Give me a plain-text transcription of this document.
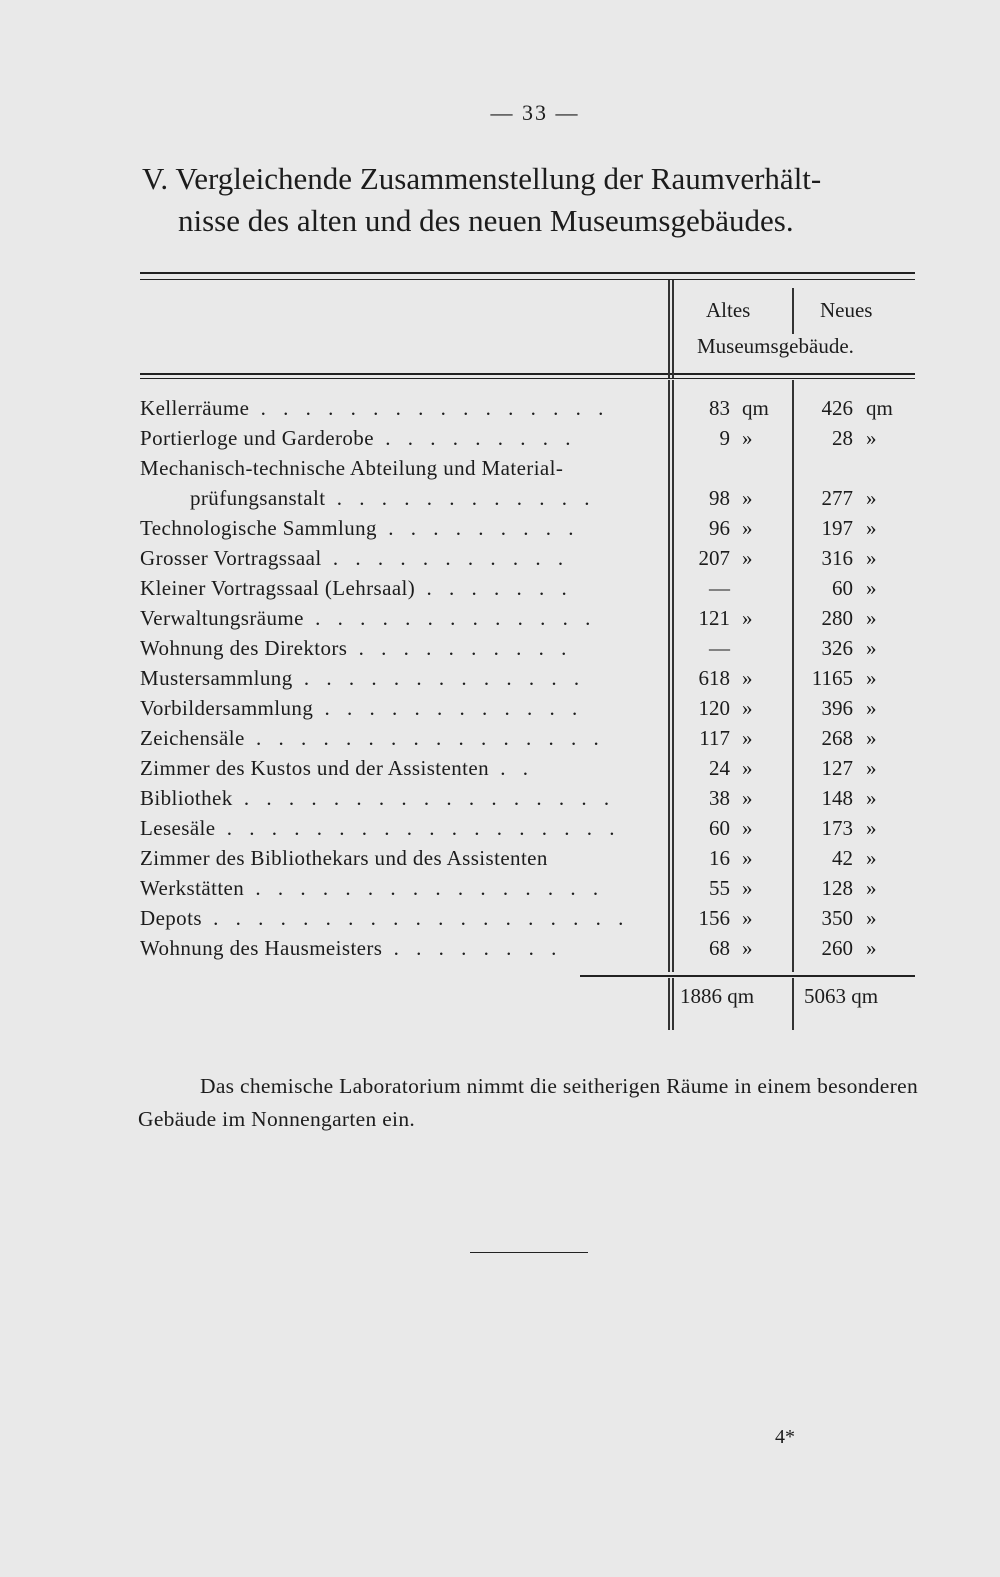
— 33 —
V. Vergleichende Zusammenstellung der Raumverhält-
nisse des alten und des neuen Museumsgebäudes.
Altes	Neues
Museumsgebäude.
Kellerräume . . . . . . . . . . . . . . . .	83 qm	426 qm
Portierloge und Garderobe . . . . . . . . .	9 »	28 »
Mechanisch-technische Abteilung und Material-
prüfungsanstalt . . . . . . . . . . . .	98 »	277 »
Technologische Sammlung . . . . . . . . .	96 »	197 »
Grosser Vortragssaal . . . . . . . . . . .	207 »	316 »
Kleiner Vortragssaal (Lehrsaal) . . . . . . .	—	60 »
Verwaltungsräume . . . . . . . . . . . . .	121 »	280 »
Wohnung des Direktors . . . . . . . . . .	—	326 »
Mustersammlung . . . . . . . . . . . . .	618 »	1165 »
Vorbildersammlung . . . . . . . . . . . .	120 »	396 »
Zeichensäle . . . . . . . . . . . . . . . .	117 »	268 »
Zimmer des Kustos und der Assistenten . .	24 »	127 »
Bibliothek . . . . . . . . . . . . . . . . .	38 »	148 »
Lesesäle . . . . . . . . . . . . . . . . . .	60 »	173 »
Zimmer des Bibliothekars und des Assistenten	16 »	42 »
Werkstätten . . . . . . . . . . . . . . . .	55 »	128 »
Depots . . . . . . . . . . . . . . . . . . .	156 »	350 »
Wohnung des Hausmeisters . . . . . . . .	68 »	260 »
1886 qm 5063 qm

Das chemische Laboratorium nimmt die seitherigen Räume in einem besonderen Gebäude im Nonnengarten ein.

4*
